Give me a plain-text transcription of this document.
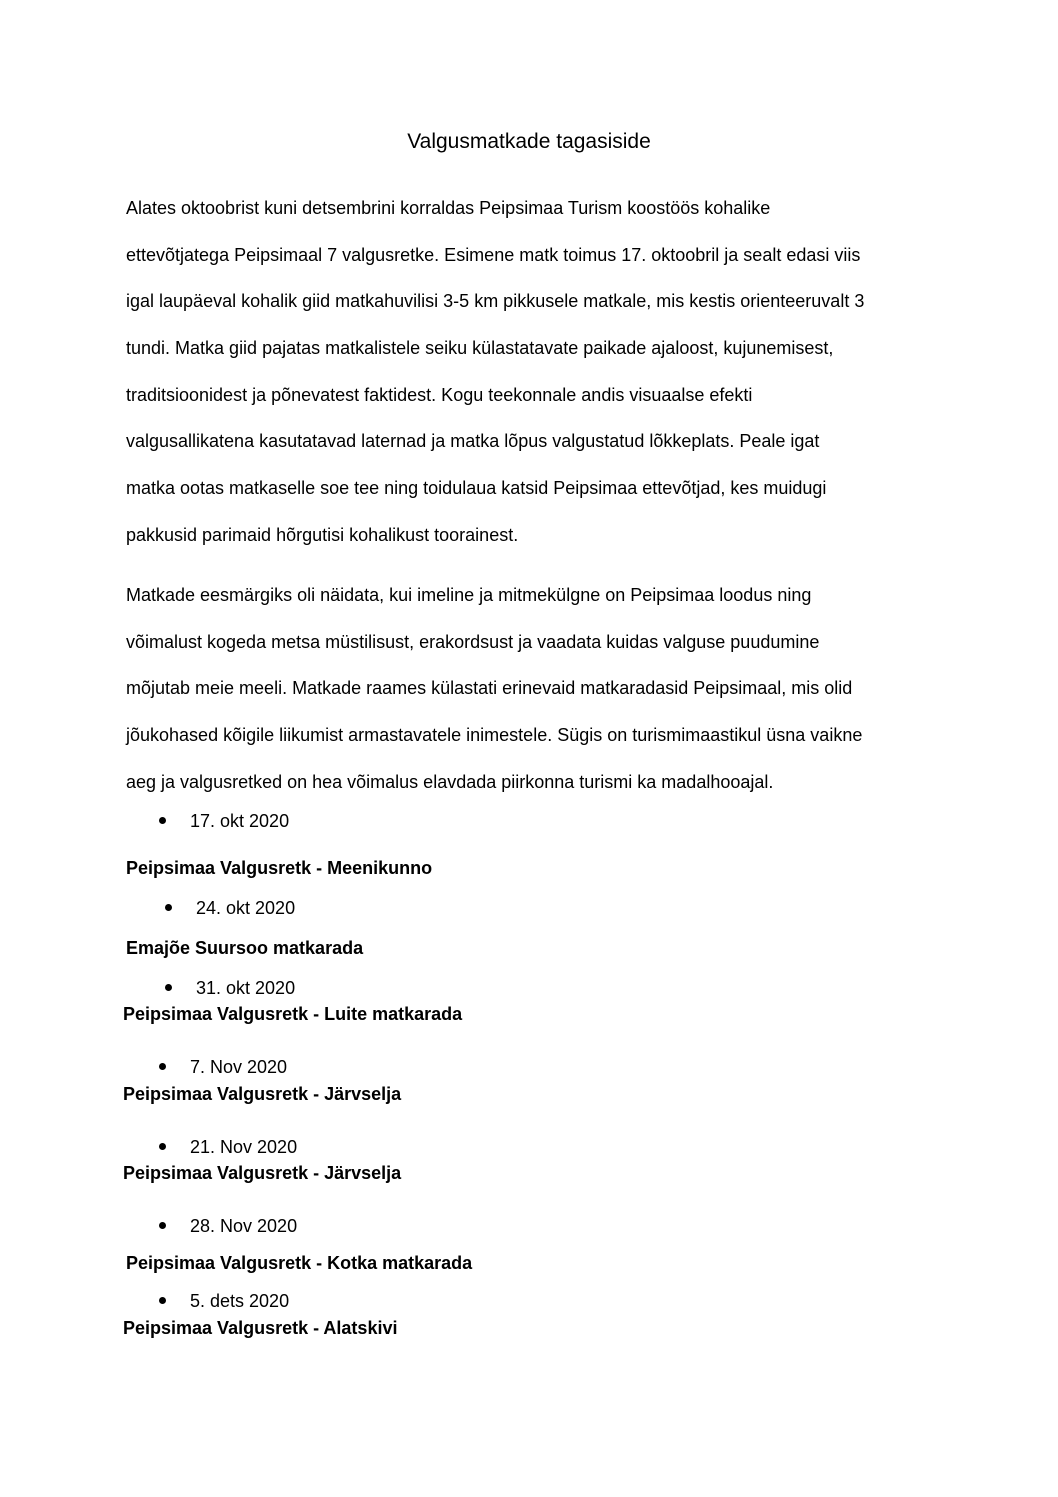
Valgusmatkade tagasiside
Alates oktoobrist kuni detsembrini korraldas Peipsimaa Turism koostöös kohalike
ettevõtjatega Peipsimaal 7 valgusretke. Esimene matk toimus 17. oktoobril ja sealt edasi viis
igal laupäeval kohalik giid matkahuvilisi 3-5 km pikkusele matkale, mis kestis orienteeruvalt 3
tundi. Matka giid pajatas matkalistele seiku külastatavate paikade ajaloost, kujunemisest,
traditsioonidest ja põnevatest faktidest. Kogu teekonnale andis visuaalse efekti
valgusallikatena kasutatavad laternad ja matka lõpus valgustatud lõkkeplats. Peale igat
matka ootas matkaselle soe tee ning toidulaua katsid Peipsimaa ettevõtjad, kes muidugi
pakkusid parimaid hõrgutisi kohalikust toorainest.
Matkade eesmärgiks oli näidata, kui imeline ja mitmekülgne on Peipsimaa loodus ning
võimalust kogeda metsa müstilisust, erakordsust ja vaadata kuidas valguse puudumine
mõjutab meie meeli. Matkade raames külastati erinevaid matkaradasid Peipsimaal, mis olid
jõukohased kõigile liikumist armastavatele inimestele. Sügis on turismimaastikul üsna vaikne
aeg ja valgusretked on hea võimalus elavdada piirkonna turismi ka madalhooajal.
17. okt 2020
Peipsimaa Valgusretk - Meenikunno
24. okt 2020
Emajõe Suursoo matkarada
31. okt 2020
Peipsimaa Valgusretk - Luite matkarada
7. Nov 2020
Peipsimaa Valgusretk - Järvselja
21. Nov 2020
Peipsimaa Valgusretk - Järvselja
28. Nov 2020
Peipsimaa Valgusretk - Kotka matkarada
5. dets 2020
Peipsimaa Valgusretk - Alatskivi
